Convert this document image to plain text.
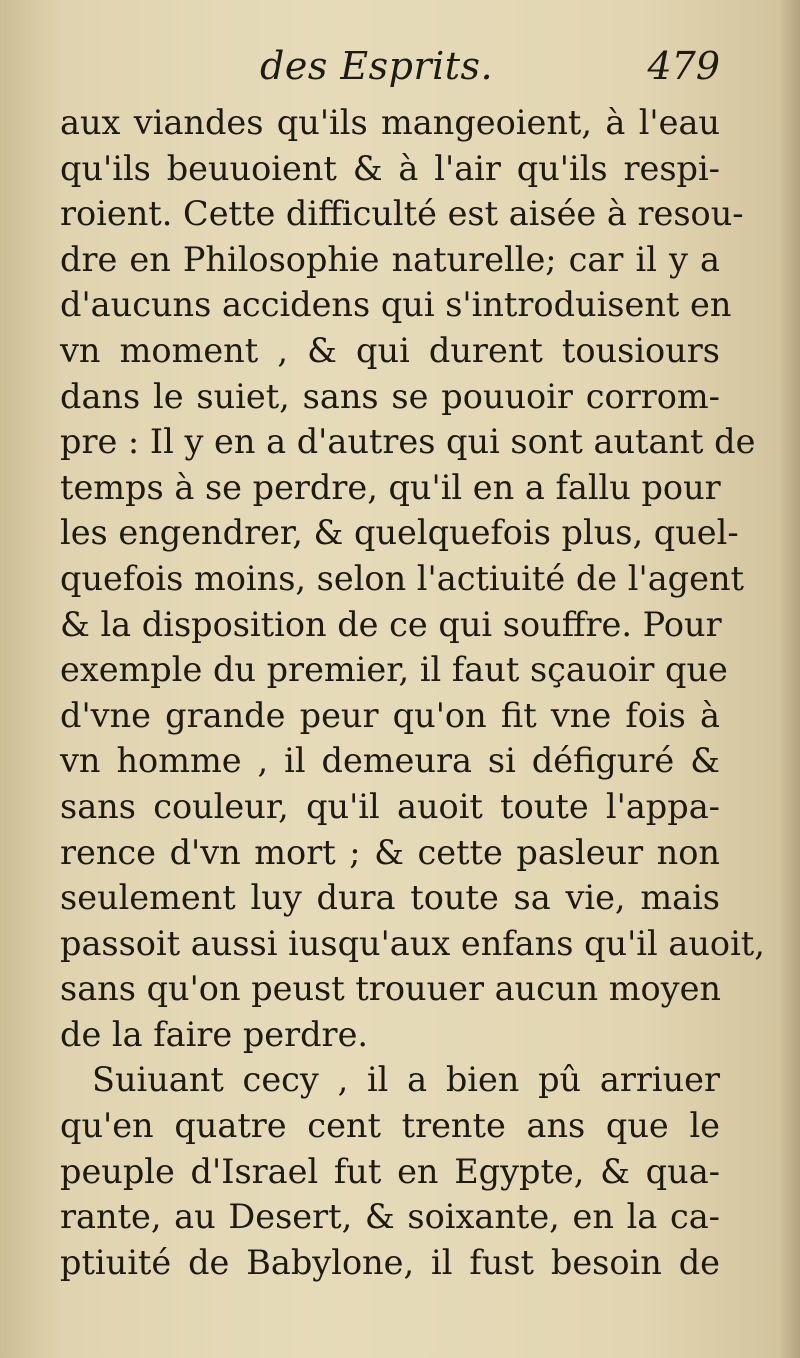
des Esprits.	479
aux viandes qu'ils mangeoient, à l'eau
qu'ils beuuoient & à l'air qu'ils respi-
roient. Cette difficulté est aisée à resou-
dre en Philosophie naturelle; car il y a
d'aucuns accidens qui s'introduisent en
vn moment , & qui durent tousiours
dans le suiet, sans se pouuoir corrom-
pre : Il y en a d'autres qui sont autant de
temps à se perdre, qu'il en a fallu pour
les engendrer, & quelquefois plus, quel-
quefois moins, selon l'actiuité de l'agent
& la disposition de ce qui souffre. Pour
exemple du premier, il faut sçauoir que
d'vne grande peur qu'on fit vne fois à
vn homme , il demeura si défiguré &
sans couleur, qu'il auoit toute l'appa-
rence d'vn mort ; & cette pasleur non
seulement luy dura toute sa vie, mais
passoit aussi iusqu'aux enfans qu'il auoit,
sans qu'on peust trouuer aucun moyen
de la faire perdre.
Suiuant cecy , il a bien pû arriuer
qu'en quatre cent trente ans que le
peuple d'Israel fut en Egypte, & qua-
rante, au Desert, & soixante, en la ca-
ptiuité de Babylone, il fust besoin de
